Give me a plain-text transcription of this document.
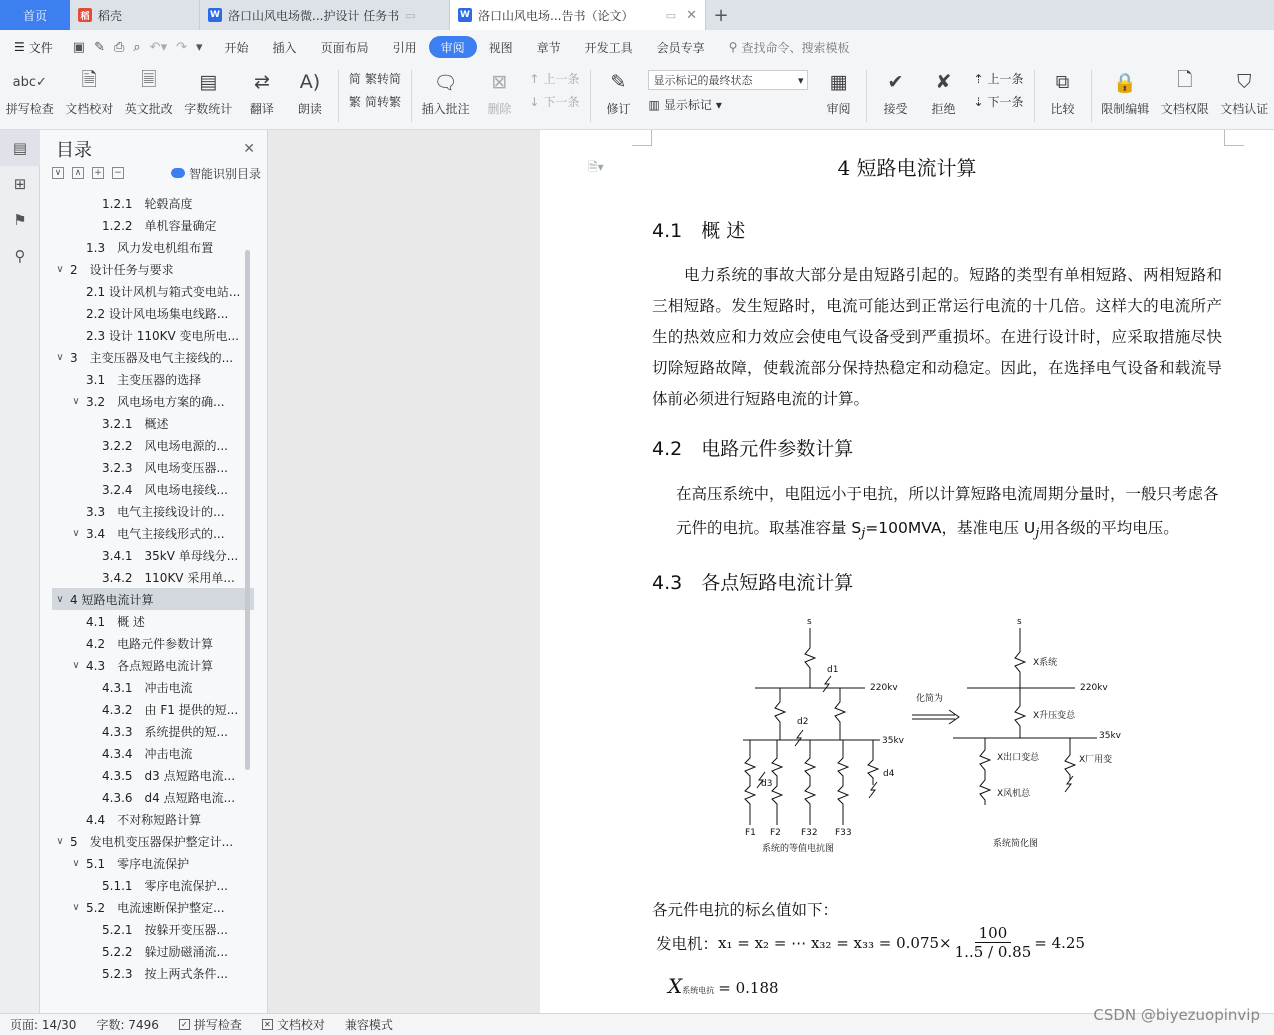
首页	稻 稻壳	W 洛口山风电场微...护设计 任务书 ▭	W 洛口山风电场...告书（论文）	▭ ✕ +
☰ 文件 ▣ ✎ ⎙ ⌕ ↶▾ ↷ ▾	开始	插入	页面布局	引用	审阅	视图	章节	开发工具	会员专享	⚲ 查找命令、搜索模板
abc✓
拼写检查
🗎
文档校对
🗏
英文批改
▤
字数统计
⇄
翻译
A)
朗读
简 繁转简
繁 简转繁
🗨
插入批注
⊠
删除
↑ 上一条
↓ 下一条
✎
修订
显示标记的最终状态	▾
▥ 显示标记 ▾
▦
审阅
✔
接受
✘
拒绝
⇡ 上一条
⇣ 下一条
⧉
比较
🔒
限制编辑
🗋
文档权限
⛉
文档认证
▤
⊞
⚑
⚲
目录	✕
∨	∧	+ −	智能识别目录
1.2.1　轮毂高度
1.2.2　单机容量确定
1.3　风力发电机组布置
∨ 2　设计任务与要求
2.1 设计风机与箱式变电站...
2.2 设计风电场集电线路...
2.3 设计 110KV 变电所电...
∨ 3　主变压器及电气主接线的...
3.1　主变压器的选择
∨ 3.2　风电场电方案的确...
3.2.1　概述
3.2.2　风电场电源的...
3.2.3　风电场变压器...
3.2.4　风电场电接线...
3.3　电气主接线设计的...
∨ 3.4　电气主接线形式的...
3.4.1　35kV 单母线分...
3.4.2　110KV 采用单...
∨ 4 短路电流计算
4.1　概 述
4.2　电路元件参数计算
∨ 4.3　各点短路电流计算
4.3.1　冲击电流
4.3.2　由 F1 提供的短...
4.3.3　系统提供的短...
4.3.4　冲击电流
4.3.5　d3 点短路电流...
4.3.6　d4 点短路电流...
4.4　不对称短路计算
∨ 5　发电机变压器保护整定计...
∨ 5.1　零序电流保护
5.1.1　零序电流保护...
∨ 5.2　电流速断保护整定...
5.2.1　按躲开变压器...
5.2.2　躲过励磁涌流...
5.2.3　按上两式条件...
🗎▾	4 短路电流计算
4.1　概 述
电力系统的事故大部分是由短路引起的。短路的类型有单相短路、两相短路和三相短路。发生短路时，电流可能达到正常运行电流的十几倍。这样大的电流所产生的热效应和力效应会使电气设备受到严重损坏。在进行设计时，应采取措施尽快切除短路故障，使载流部分保持热稳定和动稳定。因此，在选择电气设备和载流导体前必须进行短路电流的计算。
4.2　电路元件参数计算
在高压系统中，电阻远小于电抗，所以计算短路电流周期分量时，一般只考虑各元件的电抗。取基准容量 $S_j=100MVA$，基准电压 $U_j$用各级的平均电压。
4.3　各点短路电流计算
s
d1
220kv
d2
35kv
d3
d4
F1 F2 F32 F33
系统的等值电抗图
化简为
s
X系统
220kv
X升压变总
35kv
X出口变总	X厂用变
X风机总
系统简化图
各元件电抗的标幺值如下：
发电机： x₁ = x₂ = ⋯ $x_{32} = x_{33} = 0.075\times \frac{100}{1..5 / 0.85} = 4.25$
X 系统电抗 = 0.188
页面: 14/30 字数: 7496	✓ 拼写检查	✕ 文档校对 兼容模式
CSDN @biyezuopinvip
